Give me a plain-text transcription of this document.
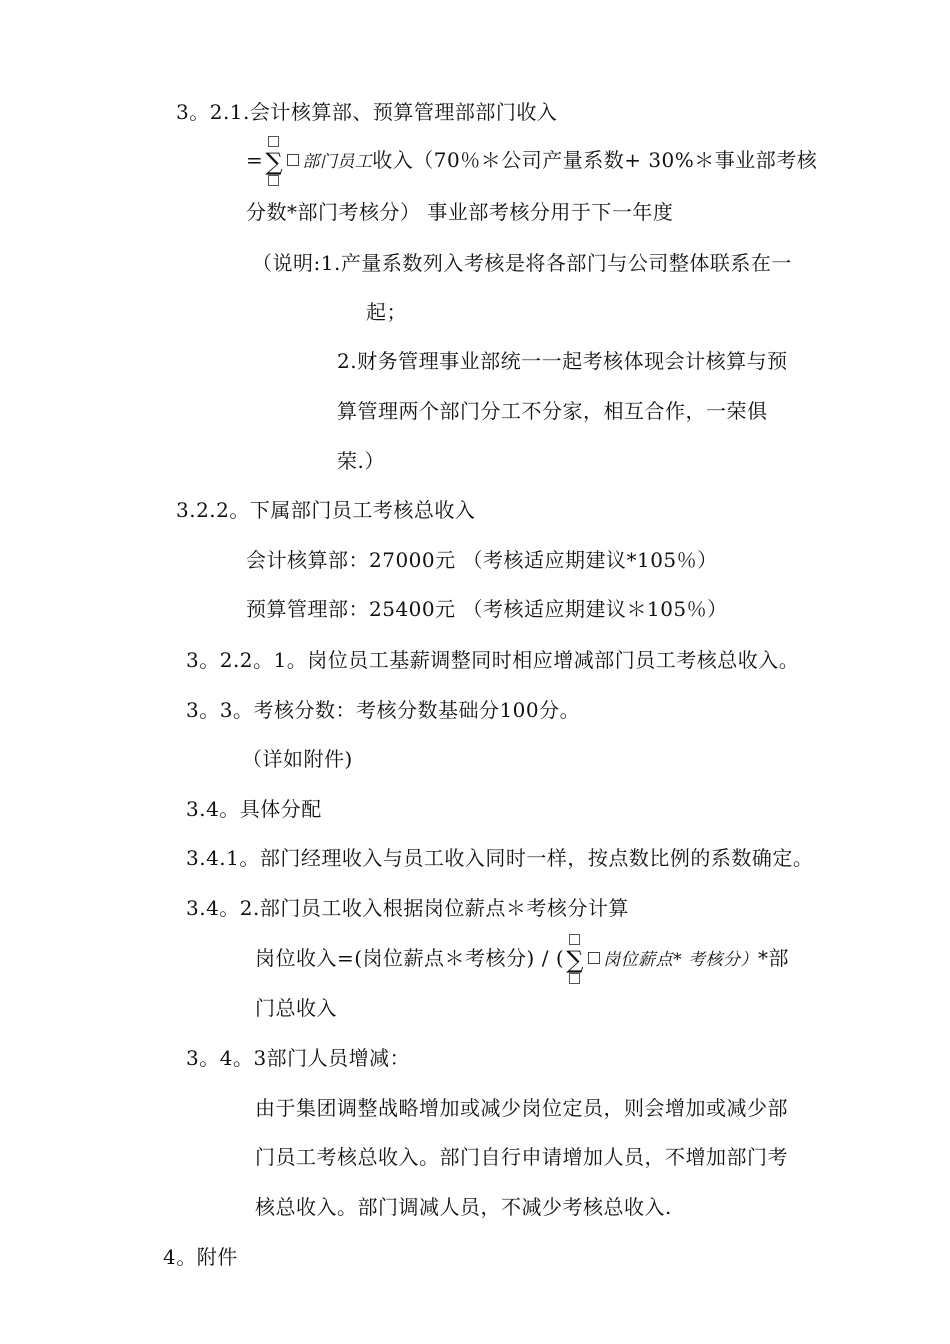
3。2.1.会计核算部、预算管理部部门收入
=∑ 部门员工收入（70％＊公司产量系数+ 30%＊事业部考核
分数*部门考核分） 事业部考核分用于下一年度
（说明:1.产量系数列入考核是将各部门与公司整体联系在一
起；
2.财务管理事业部统一一起考核体现会计核算与预
算管理两个部门分工不分家，相互合作，一荣俱
荣.）
3.2.2。下属部门员工考核总收入
会计核算部：27000元 （考核适应期建议*105％）
预算管理部：25400元 （考核适应期建议＊105％）
3。2.2。1。岗位员工基薪调整同时相应增减部门员工考核总收入。
3。3。考核分数：考核分数基础分100分。
（详如附件)
3.4。具体分配
3.4.1。部门经理收入与员工收入同时一样，按点数比例的系数确定。
3.4。2.部门员工收入根据岗位薪点＊考核分计算
岗位收入=(岗位薪点＊考核分) / (∑ 岗位薪点* 考核分）*部
门总收入
3。4。3部门人员增减：
由于集团调整战略增加或减少岗位定员，则会增加或减少部
门员工考核总收入。部门自行申请增加人员，不增加部门考
核总收入。部门调减人员，不减少考核总收入.
4。附件
